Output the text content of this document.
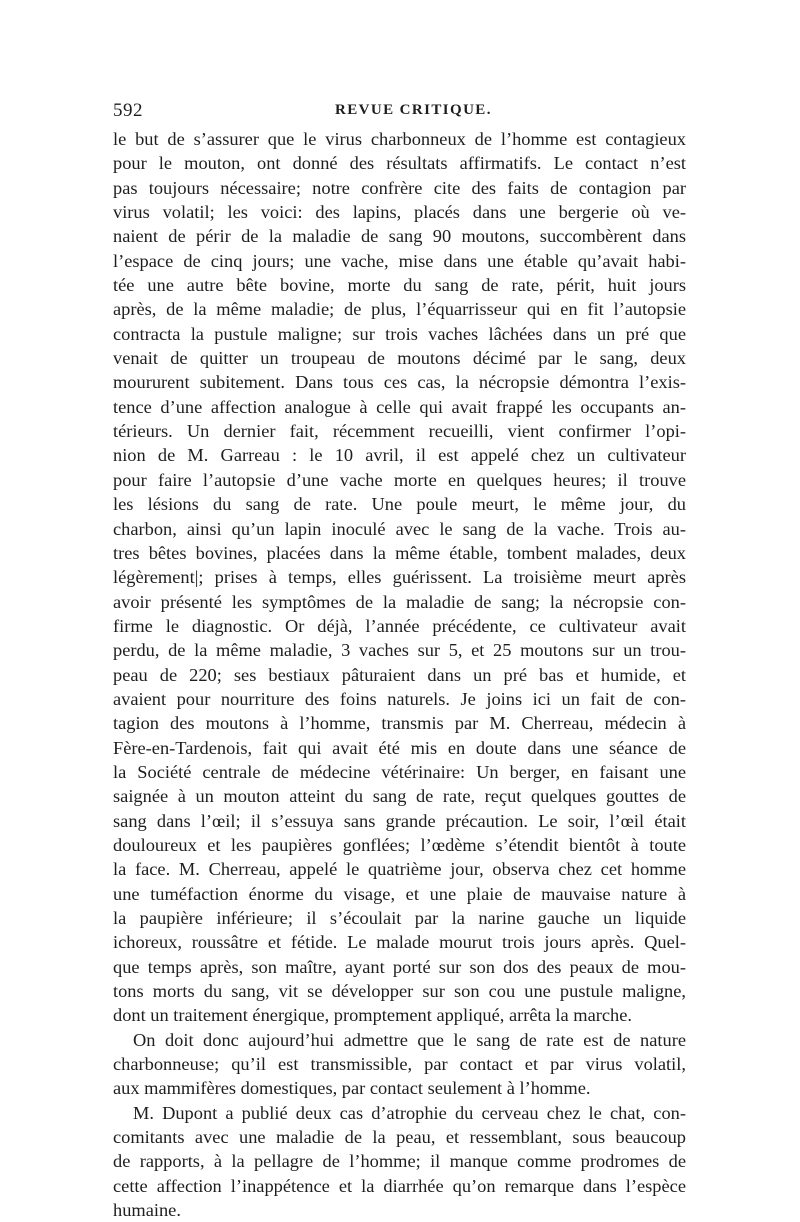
592	REVUE CRITIQUE.
le but de s’assurer que le virus charbonneux de l’homme est contagieux
pour le mouton, ont donné des résultats affirmatifs. Le contact n’est
pas toujours nécessaire; notre confrère cite des faits de contagion par
virus volatil; les voici: des lapins, placés dans une bergerie où ve-
naient de périr de la maladie de sang 90 moutons, succombèrent dans
l’espace de cinq jours; une vache, mise dans une étable qu’avait habi-
tée une autre bête bovine, morte du sang de rate, périt, huit jours
après, de la même maladie; de plus, l’équarrisseur qui en fit l’autopsie
contracta la pustule maligne; sur trois vaches lâchées dans un pré que
venait de quitter un troupeau de moutons décimé par le sang, deux
moururent subitement. Dans tous ces cas, la nécropsie démontra l’exis-
tence d’une affection analogue à celle qui avait frappé les occupants an-
térieurs. Un dernier fait, récemment recueilli, vient confirmer l’opi-
nion de M. Garreau : le 10 avril, il est appelé chez un cultivateur
pour faire l’autopsie d’une vache morte en quelques heures; il trouve
les lésions du sang de rate. Une poule meurt, le même jour, du
charbon, ainsi qu’un lapin inoculé avec le sang de la vache. Trois au-
tres bêtes bovines, placées dans la même étable, tombent malades, deux
légèrement|; prises à temps, elles guérissent. La troisième meurt après
avoir présenté les symptômes de la maladie de sang; la nécropsie con-
firme le diagnostic. Or déjà, l’année précédente, ce cultivateur avait
perdu, de la même maladie, 3 vaches sur 5, et 25 moutons sur un trou-
peau de 220; ses bestiaux pâturaient dans un pré bas et humide, et
avaient pour nourriture des foins naturels. Je joins ici un fait de con-
tagion des moutons à l’homme, transmis par M. Cherreau, médecin à
Fère-en-Tardenois, fait qui avait été mis en doute dans une séance de
la Société centrale de médecine vétérinaire: Un berger, en faisant une
saignée à un mouton atteint du sang de rate, reçut quelques gouttes de
sang dans l’œil; il s’essuya sans grande précaution. Le soir, l’œil était
douloureux et les paupières gonflées; l’œdème s’étendit bientôt à toute
la face. M. Cherreau, appelé le quatrième jour, observa chez cet homme
une tuméfaction énorme du visage, et une plaie de mauvaise nature à
la paupière inférieure; il s’écoulait par la narine gauche un liquide
ichoreux, roussâtre et fétide. Le malade mourut trois jours après. Quel-
que temps après, son maître, ayant porté sur son dos des peaux de mou-
tons morts du sang, vit se développer sur son cou une pustule maligne,
dont un traitement énergique, promptement appliqué, arrêta la marche.
On doit donc aujourd’hui admettre que le sang de rate est de nature
charbonneuse; qu’il est transmissible, par contact et par virus volatil,
aux mammifères domestiques, par contact seulement à l’homme.
M. Dupont a publié deux cas d’atrophie du cerveau chez le chat, con-
comitants avec une maladie de la peau, et ressemblant, sous beaucoup
de rapports, à la pellagre de l’homme; il manque comme prodromes de
cette affection l’inappétence et la diarrhée qu’on remarque dans l’espèce
humaine.
